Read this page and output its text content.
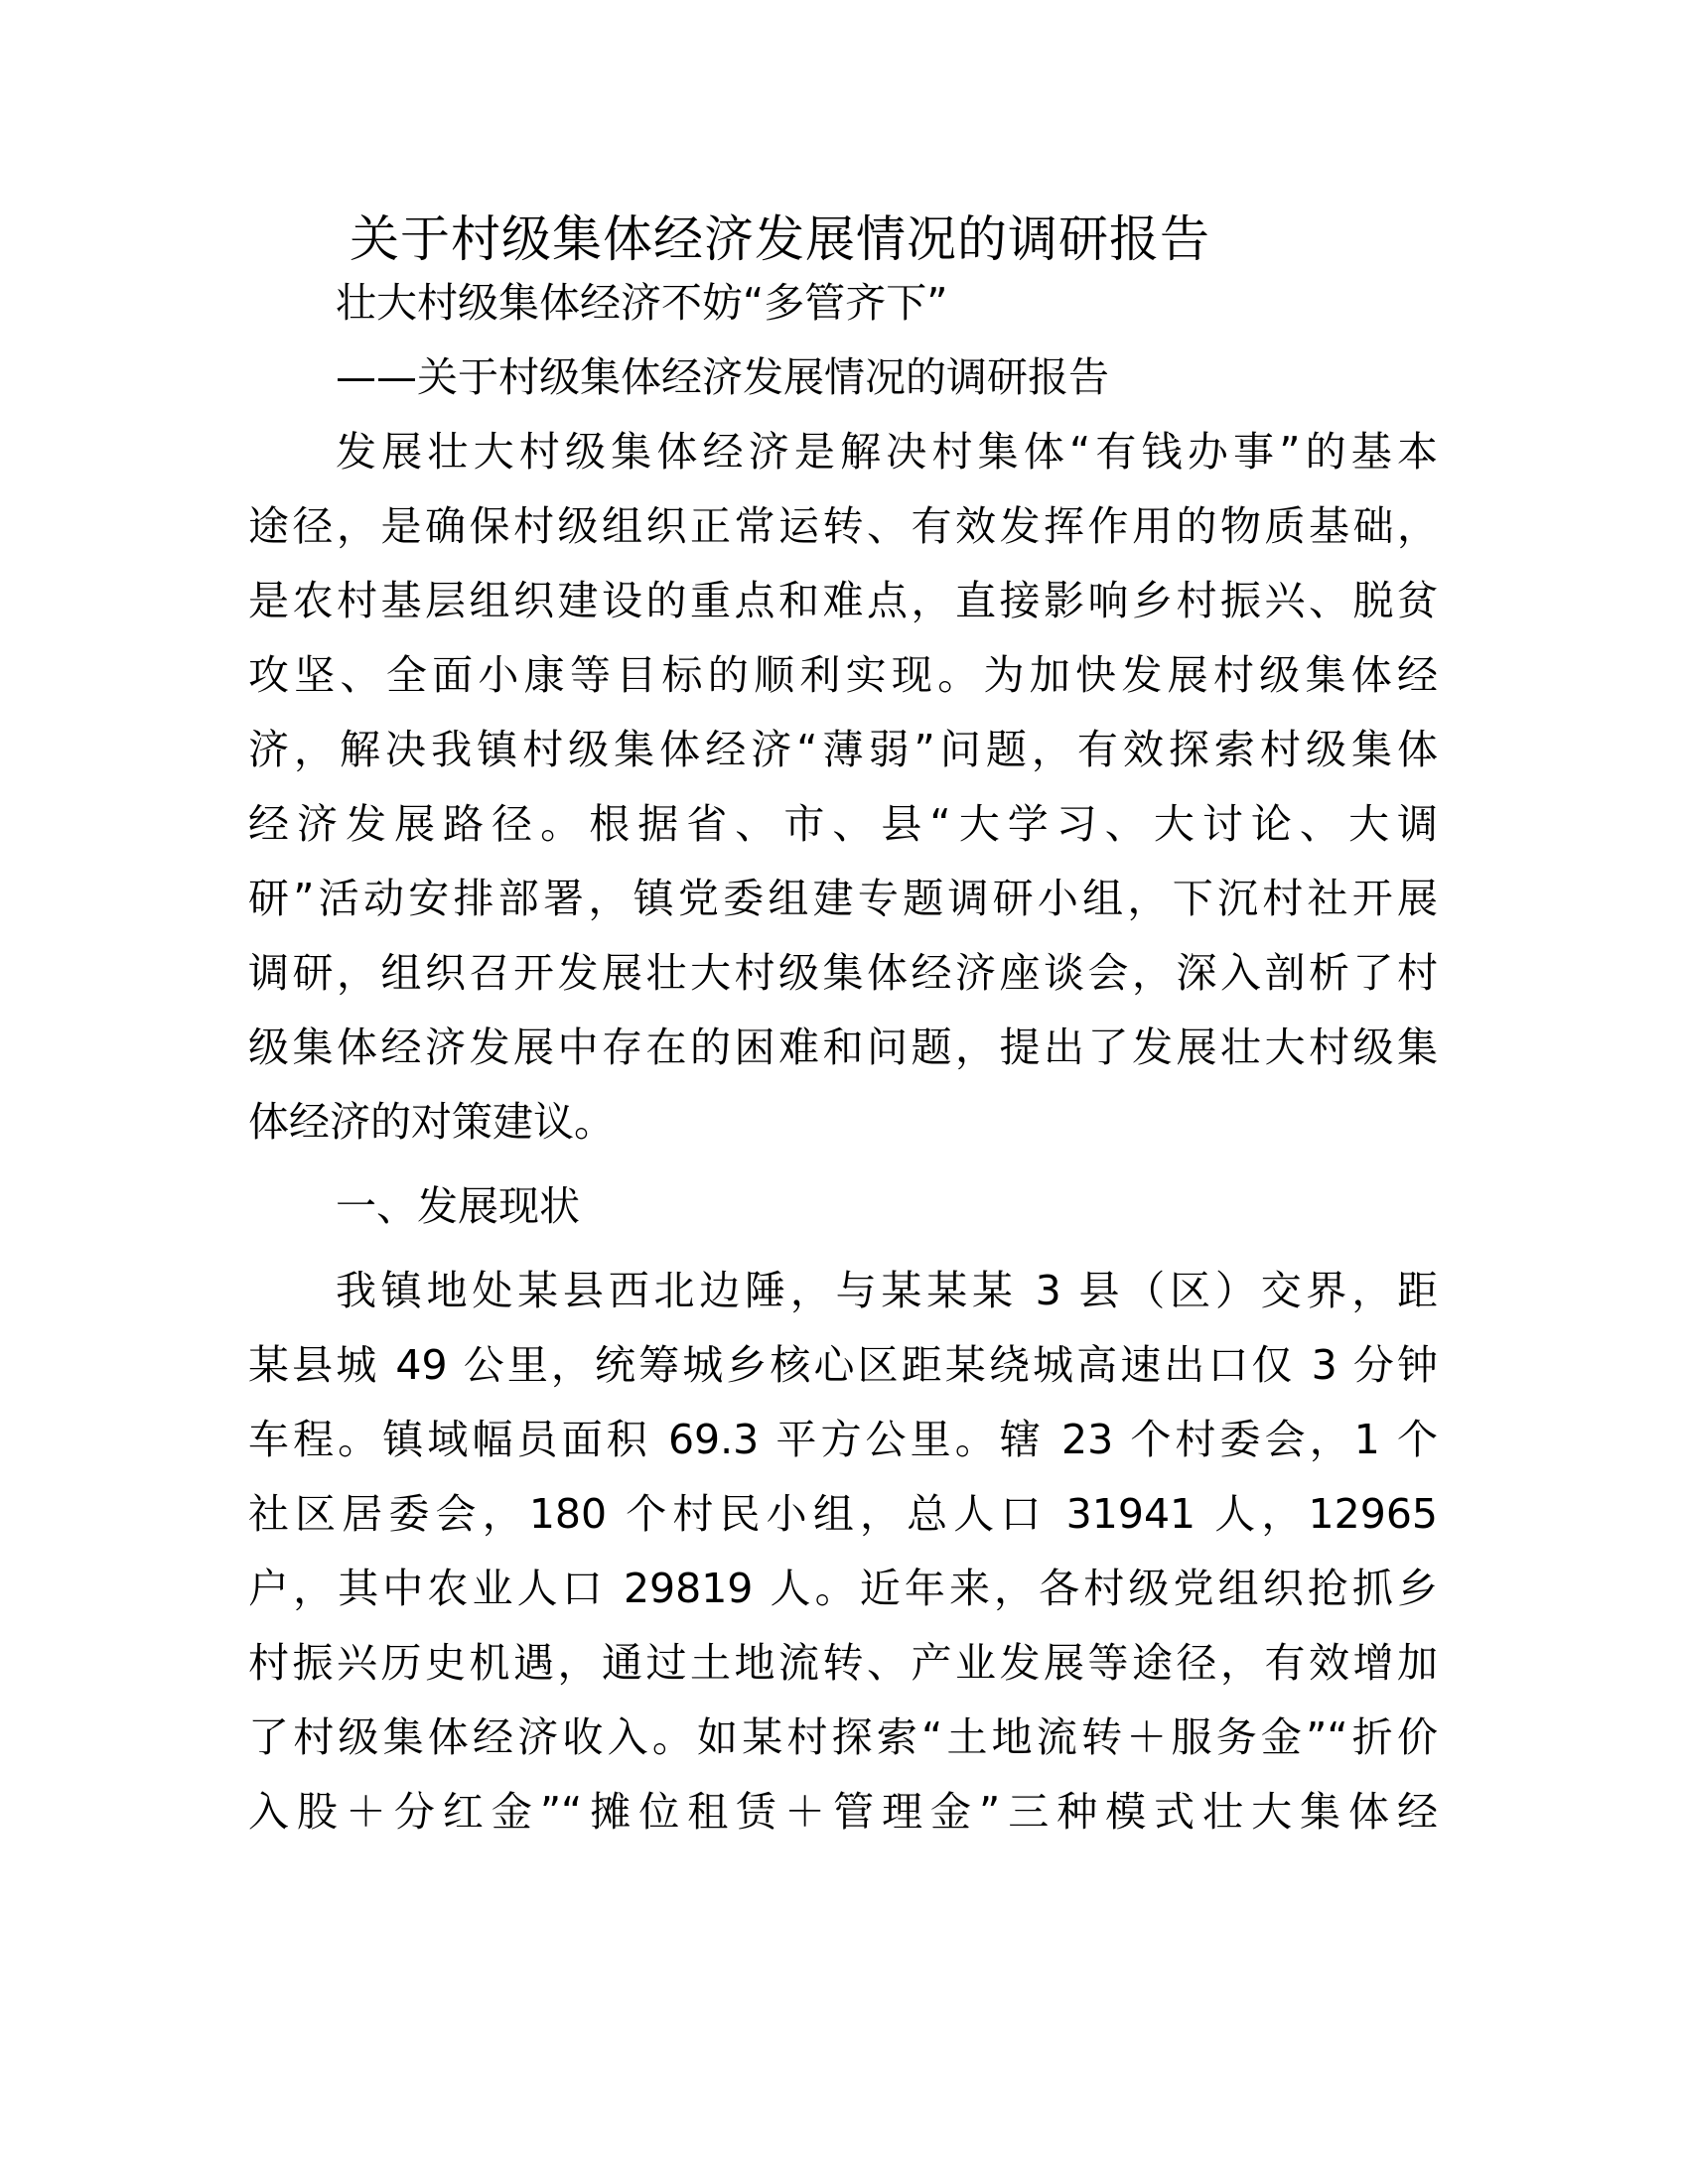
关于村级集体经济发展情况的调研报告
壮大村级集体经济不妨“多管齐下”
——关于村级集体经济发展情况的调研报告
发展壮大村级集体经济是解决村集体“有钱办事”的基本
途径，是确保村级组织正常运转、有效发挥作用的物质基础，
是农村基层组织建设的重点和难点，直接影响乡村振兴、脱贫
攻坚、全面小康等目标的顺利实现。为加快发展村级集体经
济，解决我镇村级集体经济“薄弱”问题，有效探索村级集体
经济发展路径。根据省、市、县“大学习、大讨论、大调
研”活动安排部署，镇党委组建专题调研小组，下沉村社开展
调研，组织召开发展壮大村级集体经济座谈会，深入剖析了村
级集体经济发展中存在的困难和问题，提出了发展壮大村级集
体经济的对策建议。
一、发展现状
我镇地处某县西北边陲，与某某某 3 县（区）交界，距
某县城 49 公里，统筹城乡核心区距某绕城高速出口仅 3 分钟
车程。镇域幅员面积 69.3 平方公里。辖 23 个村委会，1 个
社区居委会，180 个村民小组，总人口 31941 人，12965
户，其中农业人口 29819 人。近年来，各村级党组织抢抓乡
村振兴历史机遇，通过土地流转、产业发展等途径，有效增加
了村级集体经济收入。如某村探索“土地流转＋服务金”“折价
入股＋分红金”“摊位租赁＋管理金”三种模式壮大集体经
